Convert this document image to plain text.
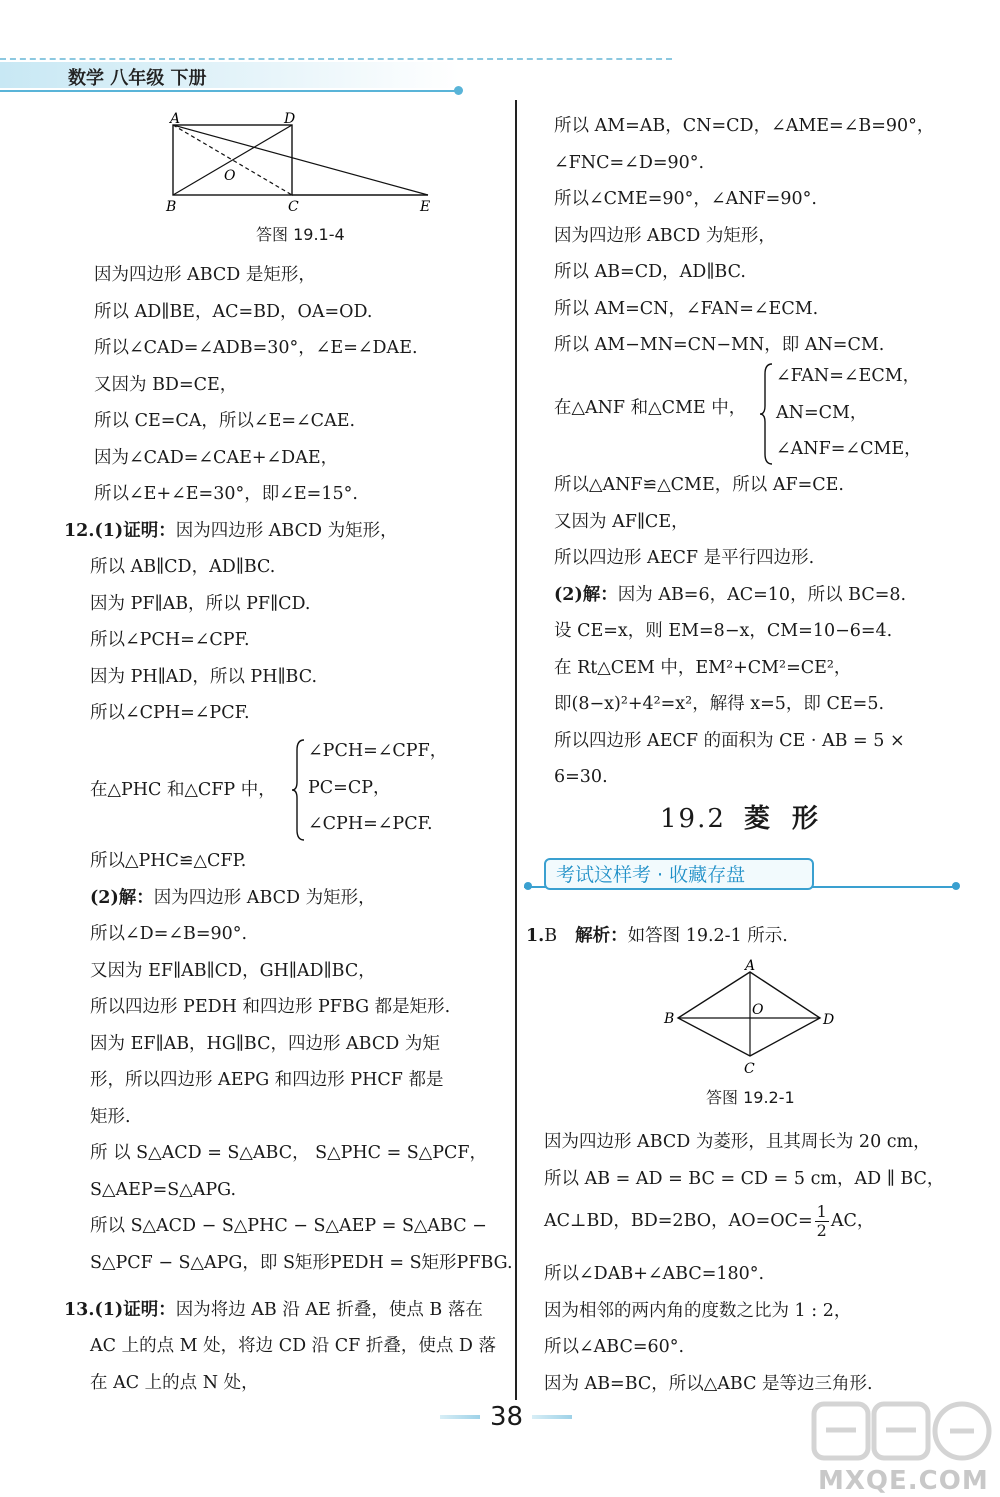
数学 八年级 下册
A	D
O
B	C	E
答图 19.1-4
因为四边形 ABCD 是矩形，
所以 AD∥BE，AC=BD，OA=OD.
所以∠CAD=∠ADB=30°，∠E=∠DAE.
又因为 BD=CE，
所以 CE=CA，所以∠E=∠CAE.
因为∠CAD=∠CAE+∠DAE，
所以∠E+∠E=30°，即∠E=15°.
12.(1)证明：因为四边形 ABCD 为矩形，
所以 AB∥CD，AD∥BC.
因为 PF∥AB，所以 PF∥CD.
所以∠PCH=∠CPF.
因为 PH∥AD，所以 PH∥BC.
所以∠CPH=∠PCF.
在△PHC 和△CFP 中，
∠PCH=∠CPF，
PC=CP，
∠CPH=∠PCF.
所以△PHC≌△CFP.
(2)解：因为四边形 ABCD 为矩形，
所以∠D=∠B=90°.
又因为 EF∥AB∥CD，GH∥AD∥BC，
所以四边形 PEDH 和四边形 PFBG 都是矩形.
因为 EF∥AB，HG∥BC，四边形 ABCD 为矩
形，所以四边形 AEPG 和四边形 PHCF 都是
矩形.
所 以 S△ACD = S△ABC， S△PHC = S△PCF，
S△AEP=S△APG.
所以 S△ACD − S△PHC − S△AEP = S△ABC −
S△PCF − S△APG，即 S矩形PEDH = S矩形PFBG.
13.(1)证明：因为将边 AB 沿 AE 折叠，使点 B 落在
AC 上的点 M 处，将边 CD 沿 CF 折叠，使点 D 落
在 AC 上的点 N 处，
所以 AM=AB，CN=CD，∠AME=∠B=90°，
∠FNC=∠D=90°.
所以∠CME=90°，∠ANF=90°.
因为四边形 ABCD 为矩形，
所以 AB=CD，AD∥BC.
所以 AM=CN，∠FAN=∠ECM.
所以 AM−MN=CN−MN，即 AN=CM.
在△ANF 和△CME 中，
∠FAN=∠ECM，
AN=CM，
∠ANF=∠CME，
所以△ANF≌△CME，所以 AF=CE.
又因为 AF∥CE，
所以四边形 AECF 是平行四边形.
(2)解：因为 AB=6，AC=10，所以 BC=8.
设 CE=x，则 EM=8−x，CM=10−6=4.
在 Rt△CEM 中，EM²+CM²=CE²，
即(8−x)²+4²=x²，解得 x=5，即 CE=5.
所以四边形 AECF 的面积为 CE · AB = 5 ×
6=30.
19.2 菱形
考试这样考 · 收藏存盘
1.B 解析：如答图 19.2-1 所示.
A
B
O
D
C
答图 19.2-1
因为四边形 ABCD 为菱形，且其周长为 20 cm，
所以 AB = AD = BC = CD = 5 cm，AD ∥ BC，
AC⊥BD，BD=2BO，$AO=OC= \frac{1}{2}$ AC，
所以∠DAB+∠ABC=180°.
因为相邻的两内角的度数之比为 1 : 2，
所以∠ABC=60°.
因为 AB=BC，所以△ABC 是等边三角形.
38
MXQE.COM
